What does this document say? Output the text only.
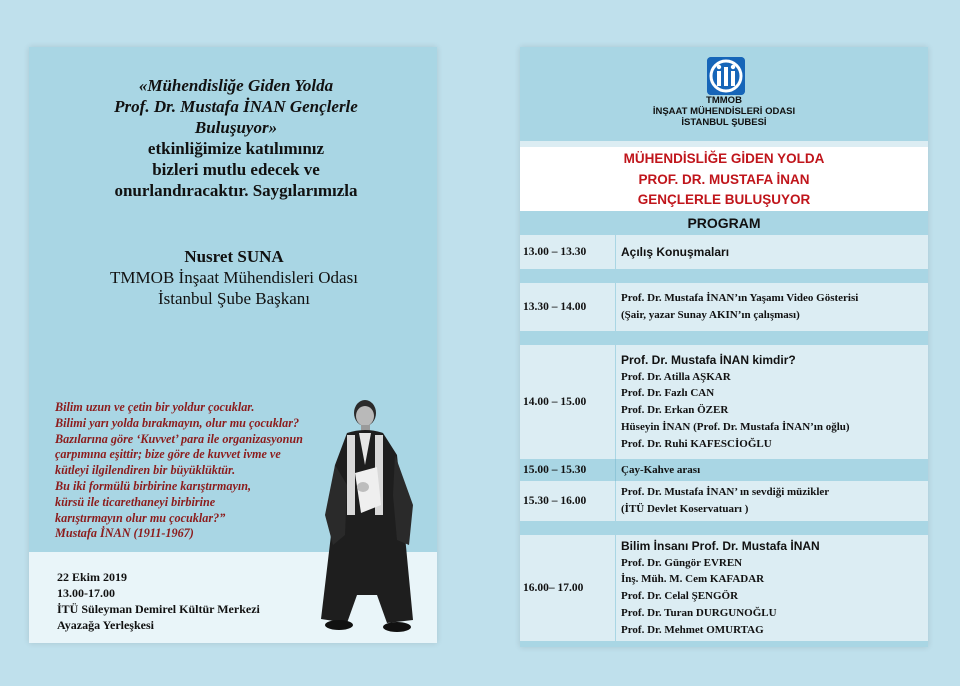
«Mühendisliğe Giden Yolda
Prof. Dr. Mustafa İNAN Gençlerle
Buluşuyor»
etkinliğimize katılımınız
bizleri mutlu edecek ve
onurlandıracaktır. Saygılarımızla
Nusret SUNA
TMMOB İnşaat Mühendisleri Odası
İstanbul Şube Başkanı
Bilim uzun ve çetin bir yoldur çocuklar.
Bilimi yarı yolda bırakmayın, olur mu çocuklar?
Bazılarına göre ‘Kuvvet’ para ile organizasyonun
çarpımına eşittir; bize göre de kuvvet ivme ve
kütleyi ilgilendiren bir büyüklüktür.
Bu iki formülü birbirine karıştırmayın,
kürsü ile ticarethaneyi birbirine
karıştırmayın olur mu çocuklar?”
Mustafa İNAN (1911-1967)
22 Ekim 2019
13.00-17.00
İTÜ Süleyman Demirel Kültür Merkezi
Ayazağa Yerleşkesi
TMMOB
İNŞAAT MÜHENDİSLERİ ODASI
İSTANBUL ŞUBESİ
MÜHENDİSLİĞE GİDEN YOLDA
PROF. DR. MUSTAFA İNAN
GENÇLERLE BULUŞUYOR
PROGRAM
13.00 – 13.30	Açılış Konuşmaları
13.30 – 14.00
Prof. Dr. Mustafa İNAN’ın Yaşamı Video Gösterisi
(Şair, yazar Sunay AKIN’ın çalışması)
14.00 – 15.00
Prof. Dr. Mustafa İNAN kimdir?
Prof. Dr. Atilla AŞKAR
Prof. Dr. Fazlı CAN
Prof. Dr. Erkan ÖZER
Hüseyin İNAN (Prof. Dr. Mustafa İNAN’ın oğlu)
Prof. Dr. Ruhi KAFESCİOĞLU
15.00 – 15.30	Çay-Kahve arası
15.30 – 16.00
Prof. Dr. Mustafa İNAN’ ın sevdiği müzikler
(İTÜ Devlet Koservatuarı )
16.00– 17.00
Bilim İnsanı Prof. Dr. Mustafa İNAN
Prof. Dr. Güngör EVREN
İnş. Müh. M. Cem KAFADAR
Prof. Dr. Celal ŞENGÖR
Prof. Dr. Turan DURGUNOĞLU
Prof. Dr. Mehmet OMURTAG
